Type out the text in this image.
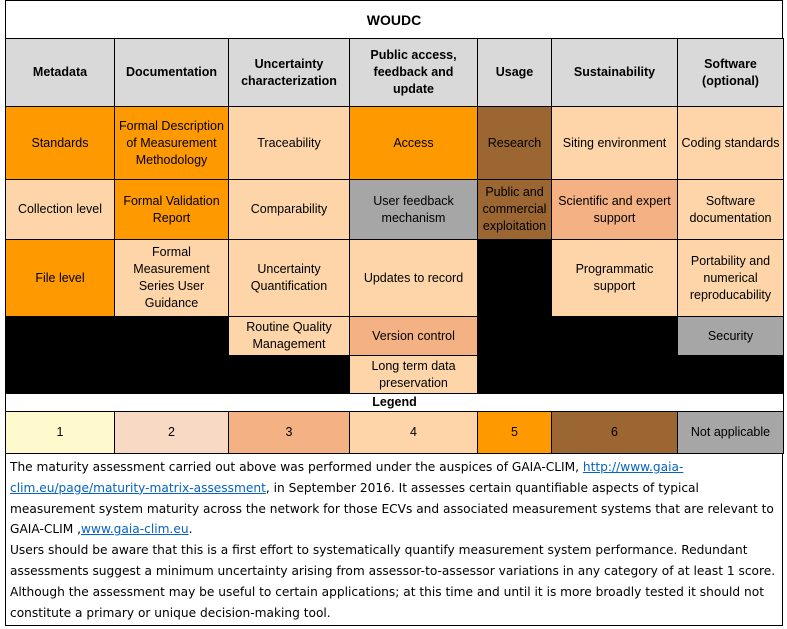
WOUDC
Metadata	Documentation	Uncertainty characterization	Public access, feedback and update	Usage	Sustainability	Software (optional)
Standards	Formal Description of Measurement Methodology	Traceability	Access	Research	Siting environment	Coding standards
Collection level	Formal Validation Report	Comparability	User feedback mechanism	Public and commercial exploitation	Scientific and expert support	Software documentation
File level	Formal Measurement Series User Guidance	Uncertainty Quantification	Updates to record		Programmatic support	Portability and numerical reproducability
		Routine Quality Management	Version control			Security
			Long term data preservation			
Legend						
1	2	3	4	5	6	Not applicable
The maturity assessment carried out above was performed under the auspices of GAIA-CLIM, http://www.gaia-clim.eu/page/maturity-matrix-assessment, in September 2016. It assesses certain quantifiable aspects of typical measurement system maturity across the network for those ECVs and associated measurement systems that are relevant to GAIA-CLIM ,www.gaia-clim.eu.
Users should be aware that this is a first effort to systematically quantify measurement system performance. Redundant assessments suggest a minimum uncertainty arising from assessor-to-assessor variations in any category of at least 1 score. Although the assessment may be useful to certain applications; at this time and until it is more broadly tested it should not constitute a primary or unique decision-making tool.
